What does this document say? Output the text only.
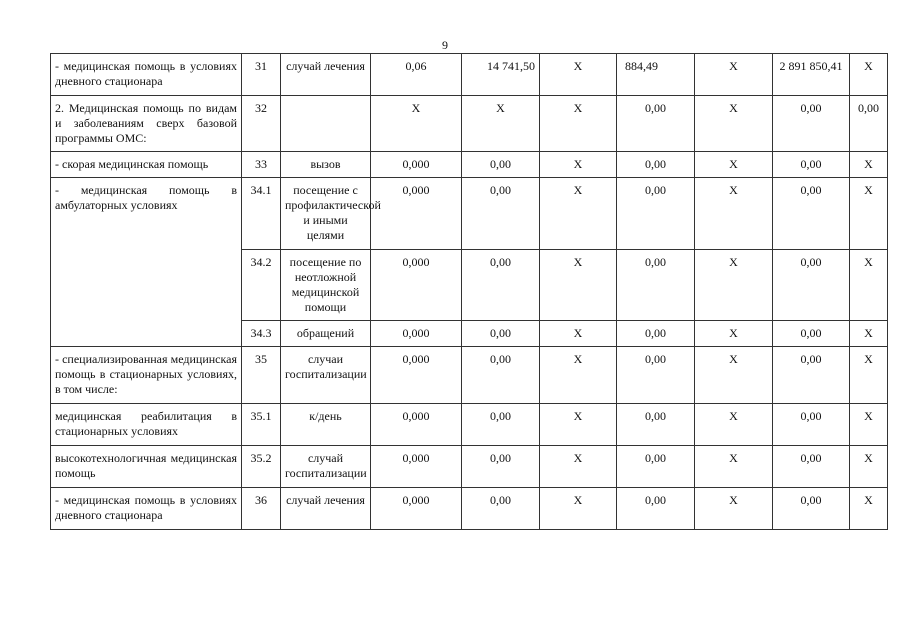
9
- медицинская помощь в условиях дневного стационара	31	случай лечения	0,06	14 741,50	X	884,49	X	2 891 850,41	X
2. Медицинская помощь по видам и заболеваниям сверх базовой программы ОМС:	32		X	X	X	0,00	X	0,00	0,00
- скорая медицинская помощь	33	вызов	0,000	0,00	X	0,00	X	0,00	X
- медицинская помощь в амбулаторных условиях	34.1	посещение с профилактической и иными целями	0,000	0,00	X	0,00	X	0,00	X
	34.2	посещение по неотложной медицинской помощи	0,000	0,00	X	0,00	X	0,00	X
	34.3	обращений	0,000	0,00	X	0,00	X	0,00	X
- специализированная медицинская помощь в стационарных условиях, в том числе:	35	случаи госпитализации	0,000	0,00	X	0,00	X	0,00	X
медицинская реабилитация в стационарных условиях	35.1	к/день	0,000	0,00	X	0,00	X	0,00	X
высокотехнологичная медицинская помощь	35.2	случай госпитализации	0,000	0,00	X	0,00	X	0,00	X
- медицинская помощь в условиях дневного стационара	36	случай лечения	0,000	0,00	X	0,00	X	0,00	X
